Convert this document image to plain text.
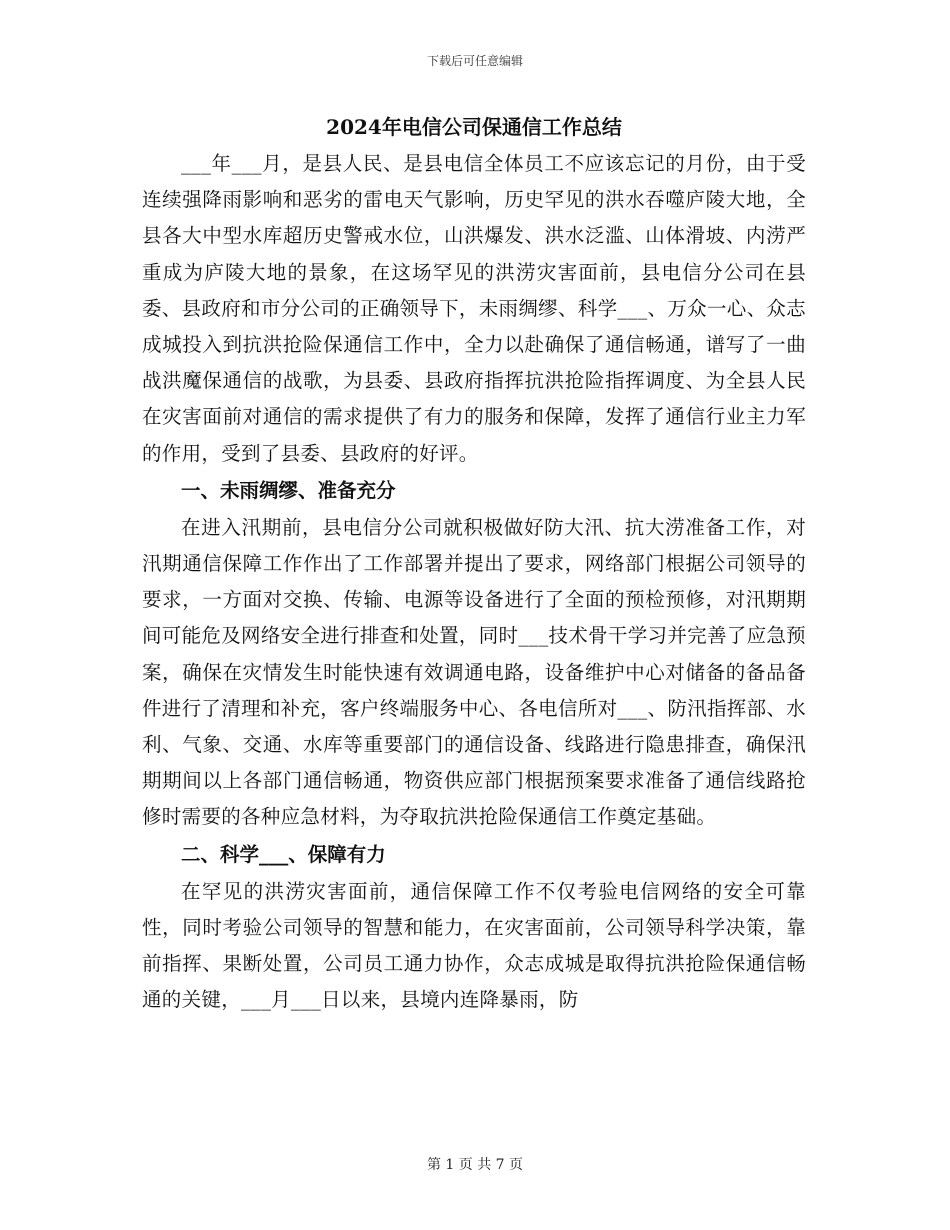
下载后可任意编辑
2024年电信公司保通信工作总结

___年___月，是县人民、是县电信全体员工不应该忘记的月份，由于受连续强降雨影响和恶劣的雷电天气影响，历史罕见的洪水吞噬庐陵大地，全县各大中型水库超历史警戒水位，山洪爆发、洪水泛滥、山体滑坡、内涝严重成为庐陵大地的景象，在这场罕见的洪涝灾害面前，县电信分公司在县委、县政府和市分公司的正确领导下，未雨绸缪、科学___、万众一心、众志成城投入到抗洪抢险保通信工作中，全力以赴确保了通信畅通，谱写了一曲战洪魔保通信的战歌，为县委、县政府指挥抗洪抢险指挥调度、为全县人民在灾害面前对通信的需求提供了有力的服务和保障，发挥了通信行业主力军的作用，受到了县委、县政府的好评。

一、未雨绸缪、准备充分

在进入汛期前，县电信分公司就积极做好防大汛、抗大涝准备工作，对汛期通信保障工作作出了工作部署并提出了要求，网络部门根据公司领导的要求，一方面对交换、传输、电源等设备进行了全面的预检预修，对汛期期间可能危及网络安全进行排查和处置，同时___技术骨干学习并完善了应急预案，确保在灾情发生时能快速有效调通电路，设备维护中心对储备的备品备件进行了清理和补充，客户终端服务中心、各电信所对___、防汛指挥部、水利、气象、交通、水库等重要部门的通信设备、线路进行隐患排查，确保汛期期间以上各部门通信畅通，物资供应部门根据预案要求准备了通信线路抢修时需要的各种应急材料，为夺取抗洪抢险保通信工作奠定基础。

二、科学___、保障有力

在罕见的洪涝灾害面前，通信保障工作不仅考验电信网络的安全可靠性，同时考验公司领导的智慧和能力，在灾害面前，公司领导科学决策，靠前指挥、果断处置，公司员工通力协作，众志成城是取得抗洪抢险保通信畅通的关键，___月___日以来，县境内连降暴雨，防

第 1 页 共 7 页
